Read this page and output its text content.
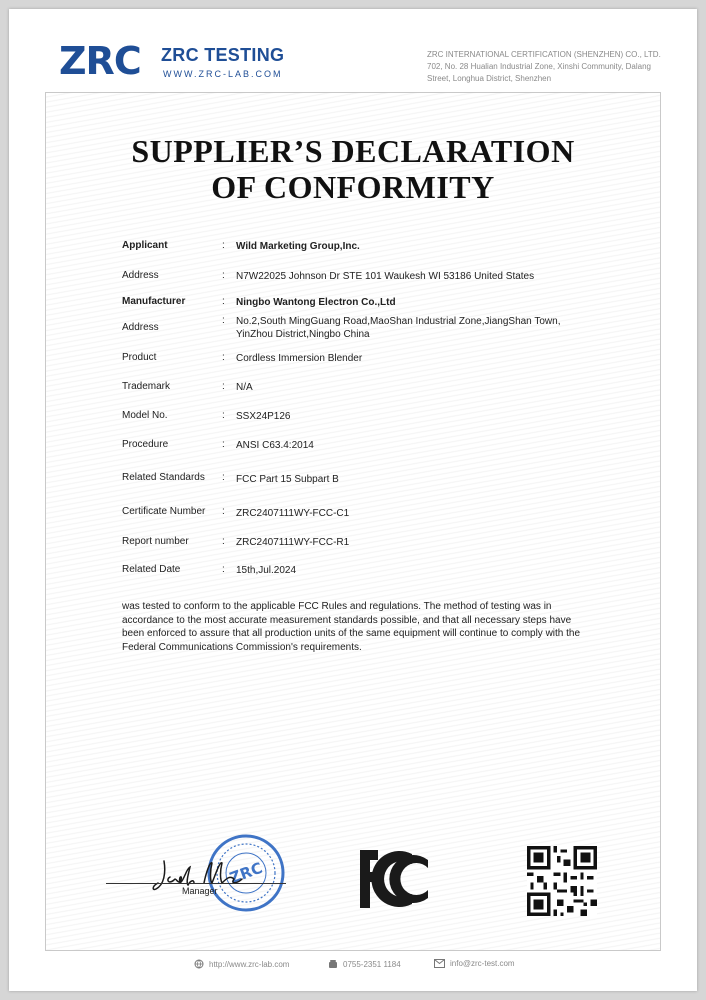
ZRC ZRC TESTING
WWW.ZRC-LAB.COM
ZRC INTERNATIONAL CERTIFICATION (SHENZHEN) CO., LTD. 702, No. 28 Hualian Industrial Zone, Xinshi Community, Dalang Street, Longhua District, Shenzhen
SUPPLIER’S DECLARATION
OF CONFORMITY
Applicant	: Wild Marketing Group,Inc.
Address	: N7W22025 Johnson Dr STE 101 Waukesh WI 53186 United States
Manufacturer	: Ningbo Wantong Electron Co.,Ltd
Address
: No.2,South MingGuang Road,MaoShan Industrial Zone,JiangShan Town, YinZhou District,Ningbo China
Product	: Cordless Immersion Blender
Trademark	: N/A
Model No.	: SSX24P126
Procedure	: ANSI C63.4:2014
Related Standards : FCC Part 15 Subpart B
Certificate Number : ZRC2407111WY-FCC-C1
Report number	: ZRC2407111WY-FCC-R1
Related Date	: 15th,Jul.2024
was tested to conform to the applicable FCC Rules and regulations. The method of testing was in accordance to the most accurate measurement standards possible, and that all necessary steps have been enforced to assure that all production units of the same equipment will continue to comply with the Federal Communications Commission's requirements.
ZRC
Manager
http://www.zrc-lab.com	0755-2351 1184	info@zrc-test.com
